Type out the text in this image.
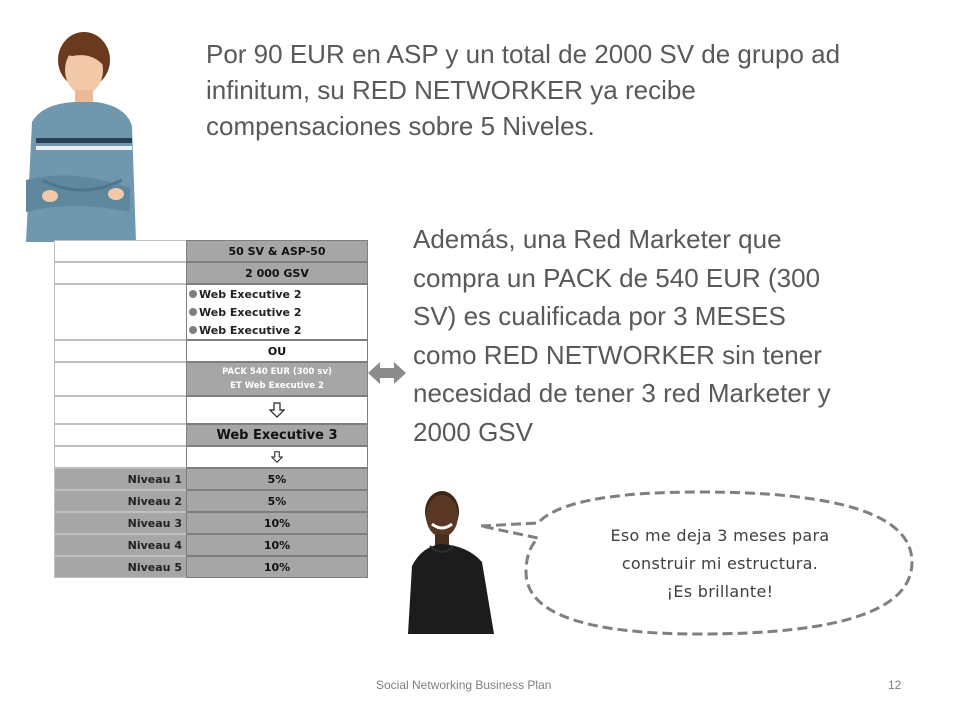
Por 90 EUR en ASP y un total de 2000 SV de grupo ad infinitum, su RED NETWORKER ya recibe compensaciones sobre 5 Niveles.
50 SV & ASP-50
2 000 GSV
Web Executive 2
Web Executive 2
Web Executive 2
OU
PACK 540 EUR (300 sv)
ET Web Executive 2
Web Executive 3
Niveau 1	5%
Niveau 2	5%
Niveau 3	10%
Niveau 4	10%
Niveau 5	10%
Además, una Red Marketer que compra un PACK de 540 EUR (300 SV) es cualificada por 3 MESES como RED NETWORKER sin tener necesidad de tener 3 red Marketer y 2000 GSV
Eso me deja 3 meses para
construir mi estructura.
¡Es brillante!
Social Networking Business Plan	12
